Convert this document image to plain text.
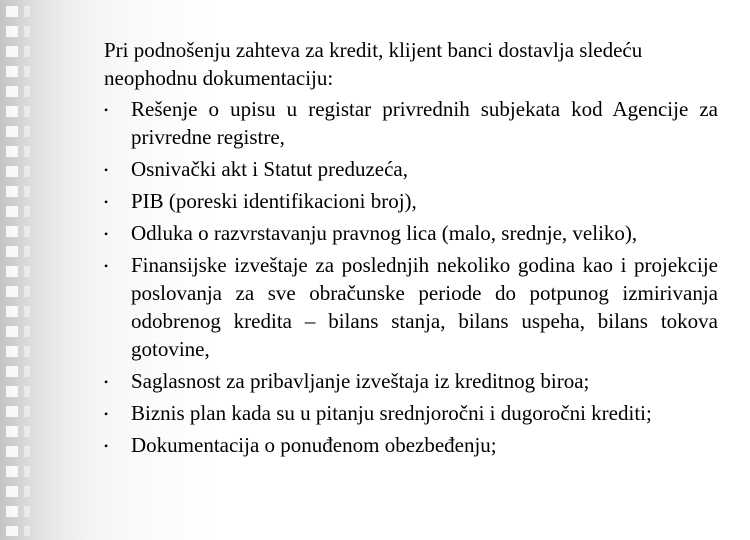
Pri podnošenju zahteva za kredit, klijent banci dostavlja sledeću neophodnu dokumentaciju:

•	Rešenje o upisu u registar privrednih subjekata kod Agencije za privredne registre,
•	Osnivački akt i Statut preduzeća,
•	PIB (poreski identifikacioni broj),
•	Odluka o razvrstavanju pravnog lica (malo, srednje, veliko),
•	Finansijske izveštaje za poslednjih nekoliko godina kao i projekcije poslovanja za sve obračunske periode do potpunog izmirivanja odobrenog kredita – bilans stanja, bilans uspeha, bilans tokova gotovine,
•	Saglasnost za pribavljanje izveštaja iz kreditnog biroa;
•	Biznis plan kada su u pitanju srednjoročni i dugoročni krediti;
•	Dokumentacija o ponuđenom obezbeđenju;
